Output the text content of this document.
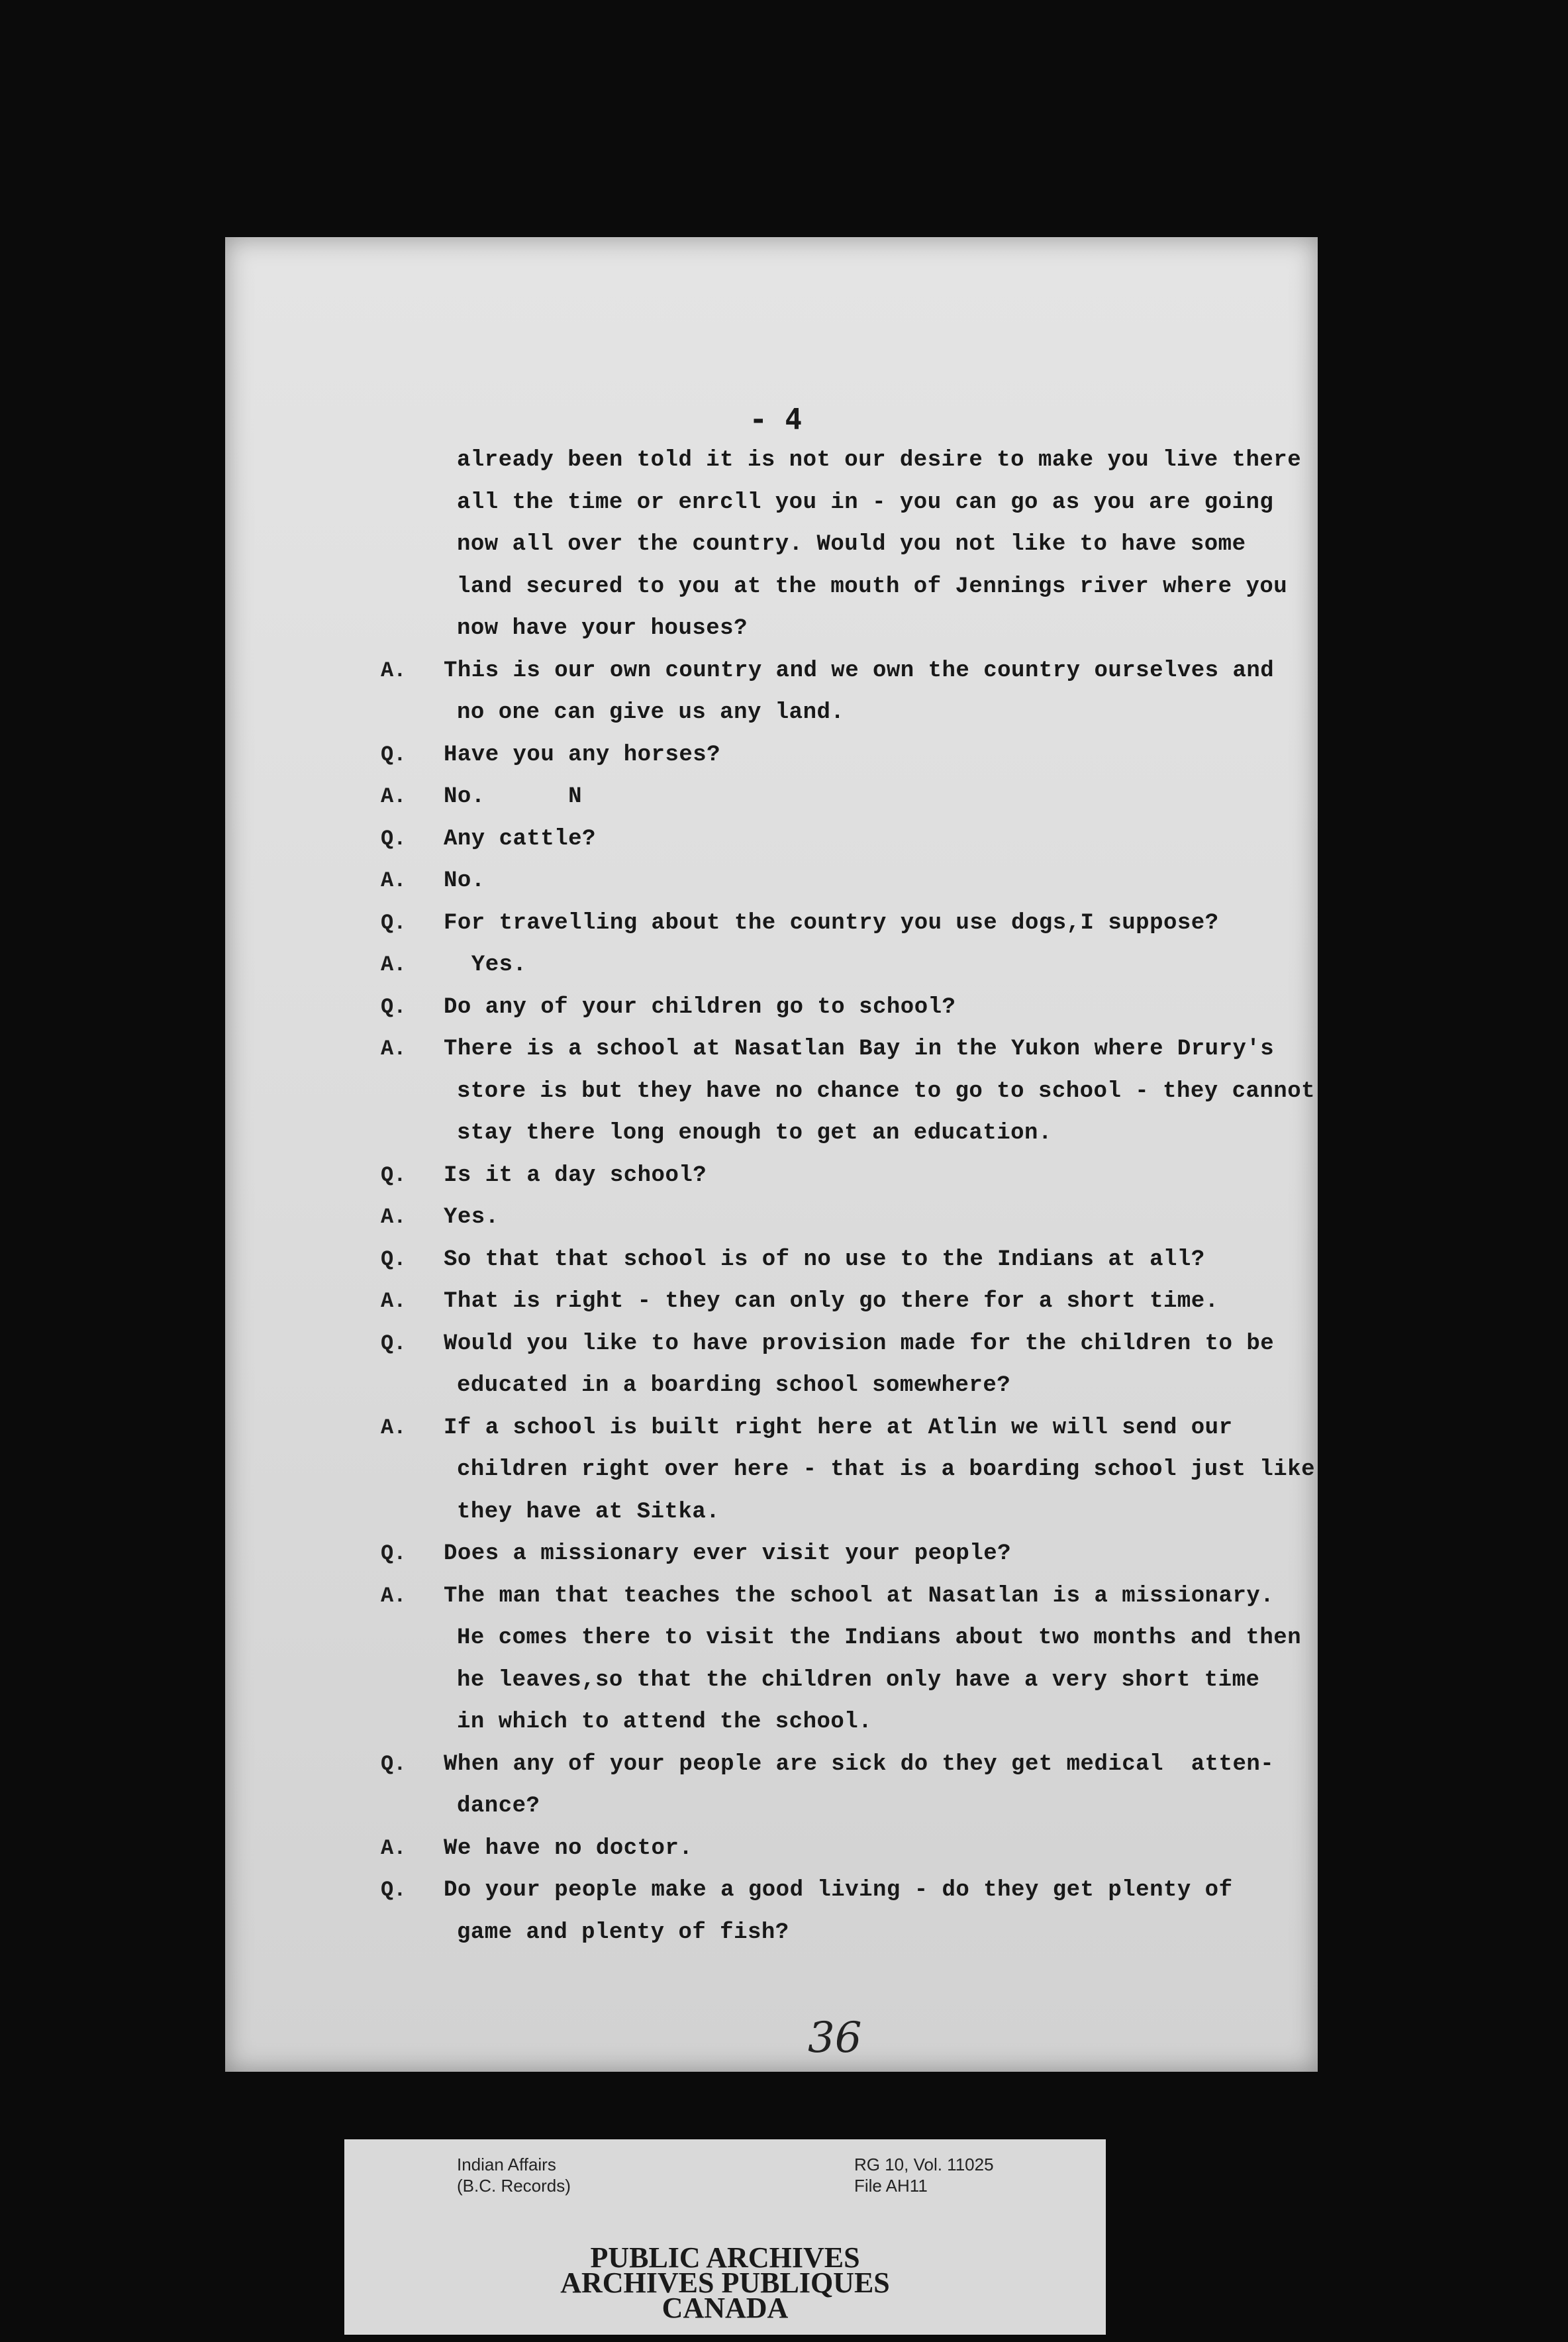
- 4
already been told it is not our desire to make you live there
all the time or enrcll you in - you can go as you are going
now all over the country. Would you not like to have some
land secured to you at the mouth of Jennings river where you
now have your houses?
A. This is our own country and we own the country ourselves and
no one can give us any land.
Q. Have you any horses?
A. No.      N
Q. Any cattle?
A. No.
Q. For travelling about the country you use dogs,I suppose?
A. Yes.
Q. Do any of your children go to school?
A. There is a school at Nasatlan Bay in the Yukon where Drury's
store is but they have no chance to go to school - they cannot
stay there long enough to get an education.
Q. Is it a day school?
A. Yes.
Q. So that that school is of no use to the Indians at all?
A. That is right - they can only go there for a short time.
Q. Would you like to have provision made for the children to be
educated in a boarding school somewhere?
A. If a school is built right here at Atlin we will send our
children right over here - that is a boarding school just like
they have at Sitka.
Q. Does a missionary ever visit your people?
A. The man that teaches the school at Nasatlan is a missionary.
He comes there to visit the Indians about two months and then
he leaves,so that the children only have a very short time
in which to attend the school.
Q. When any of your people are sick do they get medical  atten-
dance?
A. We have no doctor.
Q. Do your people make a good living - do they get plenty of
game and plenty of fish?
36
Indian Affairs
(B.C. Records)
RG 10, Vol. 11025
File AH11
PUBLIC ARCHIVES
ARCHIVES PUBLIQUES
CANADA
